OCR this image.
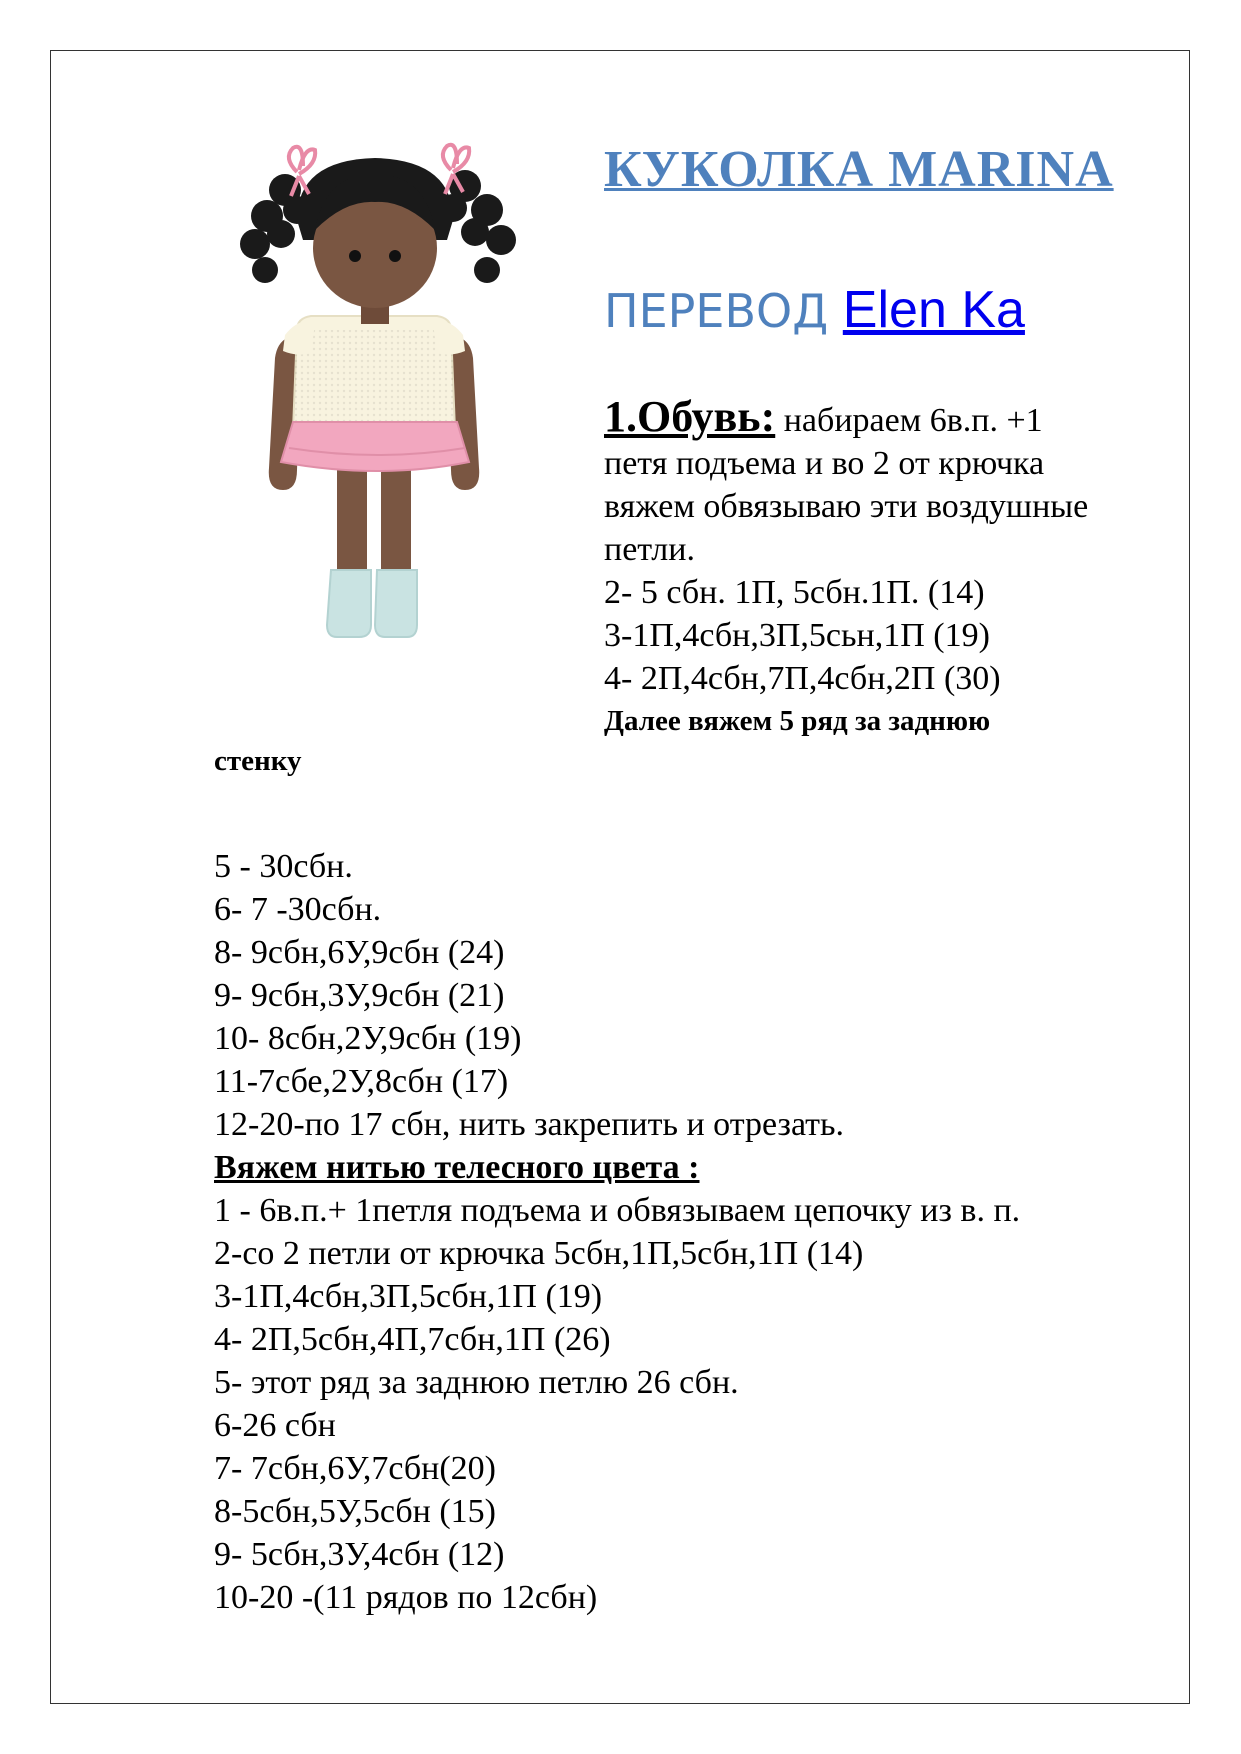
КУКОЛКА MARINA
ПЕРЕВОД Elen Ka
1.Обувь: набираем 6в.п. +1
петя подъема и во 2 от крючка
вяжем обвязываю эти воздушные
петли.
2- 5 сбн. 1П, 5сбн.1П. (14)
3-1П,4сбн,3П,5сьн,1П (19)
4- 2П,4сбн,7П,4сбн,2П (30)
Далее вяжем 5 ряд за заднюю
стенку
5 - 30сбн.
6- 7 -30сбн.
8- 9сбн,6У,9сбн (24)
9- 9сбн,3У,9сбн (21)
10- 8сбн,2У,9сбн (19)
11-7сбе,2У,8сбн (17)
12-20-по 17 сбн, нить закрепить и отрезать.
Вяжем нитью телесного цвета :
1 - 6в.п.+ 1петля подъема и обвязываем цепочку из в. п.
2-со 2 петли от крючка 5сбн,1П,5сбн,1П (14)
3-1П,4сбн,3П,5сбн,1П (19)
4- 2П,5сбн,4П,7сбн,1П (26)
5- этот ряд за заднюю петлю 26 сбн.
6-26 сбн
7- 7сбн,6У,7сбн(20)
8-5сбн,5У,5сбн (15)
9- 5сбн,3У,4сбн (12)
10-20 -(11 рядов по 12сбн)
